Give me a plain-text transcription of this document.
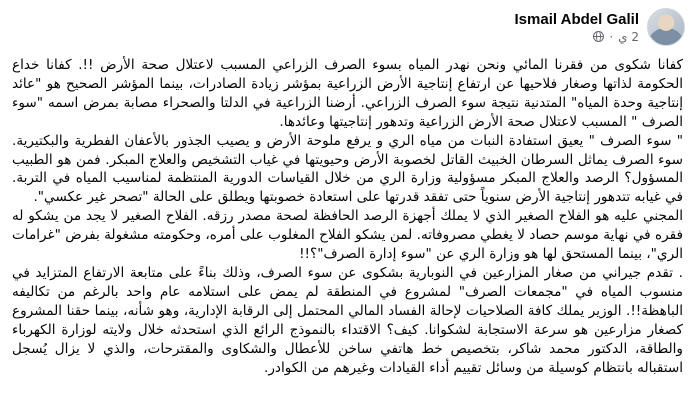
Ismail Abdel Galil
2 ي
·

كفانا شكوى من فقرنا المائي ونحن نهدر المياه بسوء الصرف الزراعي المسبب لاعتلال صحة الأرض !!. كفانا خداع الحكومة لذاتها وصغار فلاحيها عن ارتفاع إنتاجية الأرض الزراعية بمؤشر زيادة الصادرات، بينما المؤشر الصحيح هو "عائد إنتاجية وحدة المياه" المتدنية نتيجة سوء الصرف الزراعي. أرضنا الزراعية في الدلتا والصحراء مصابة بمرض اسمه "سوء الصرف " المسبب لاعتلال صحة الأرض الزراعية وتدهور إنتاجيتها وعائدها.

" سوء الصرف " يعيق استفادة النبات من مياه الري و يرفع ملوحة الأرض و يصيب الجذور بالأعفان الفطرية والبكتيرية. سوء الصرف يماثل السرطان الخبيث القاتل لخصوبة الأرض وحيويتها في غياب التشخيص والعلاج المبكر. فمن هو الطبيب المسؤول؟ الرصد والعلاج المبكر مسؤولية وزارة الري من خلال القياسات الدورية المنتظمة لمناسيب المياه في التربة. في غيابه تتدهور إنتاجية الأرض سنوياً حتى تفقد قدرتها على استعادة خصوبتها ويطلق على الحالة "تصحر غير عكسي".

المجني عليه هو الفلاح الصغير الذي لا يملك أجهزة الرصد الحافظة لصحة مصدر رزقه. الفلاح الصغير لا يجد من يشكو له فقره في نهاية موسم حصاد لا يغطي مصروفاته. لمن يشكو الفلاح المغلوب على أمره، وحكومته مشغولة بفرض "غرامات الري"، بينما المستحق لها هو وزارة الري عن "سوء إدارة الصرف"؟!!

. تقدم جيراني من صغار المزارعين في النوبارية بشكوى عن سوء الصرف، وذلك بناءً على متابعة الارتفاع المتزايد في منسوب المياه في "مجمعات الصرف" لمشروع في المنطقة لم يمض على استلامه عام واحد بالرغم من تكاليفه الباهظة!!. الوزير يملك كافة الصلاحيات لإحالة الفساد المالي المحتمل إلى الرقابة الإدارية، وهو شأنه، بينما حقنا المشروع كصغار مزارعين هو سرعة الاستجابة لشكوانا. كيف؟ الاقتداء بالنموذج الرائع الذي استحدثه خلال ولايته لوزارة الكهرباء والطاقة، الدكتور محمد شاكر، بتخصيص خط هاتفي ساخن للأعطال والشكاوى والمقترحات، والذي لا يزال يُسجل استقباله بانتظام كوسيلة من وسائل تقييم أداء القيادات وغيرهم من الكوادر.
